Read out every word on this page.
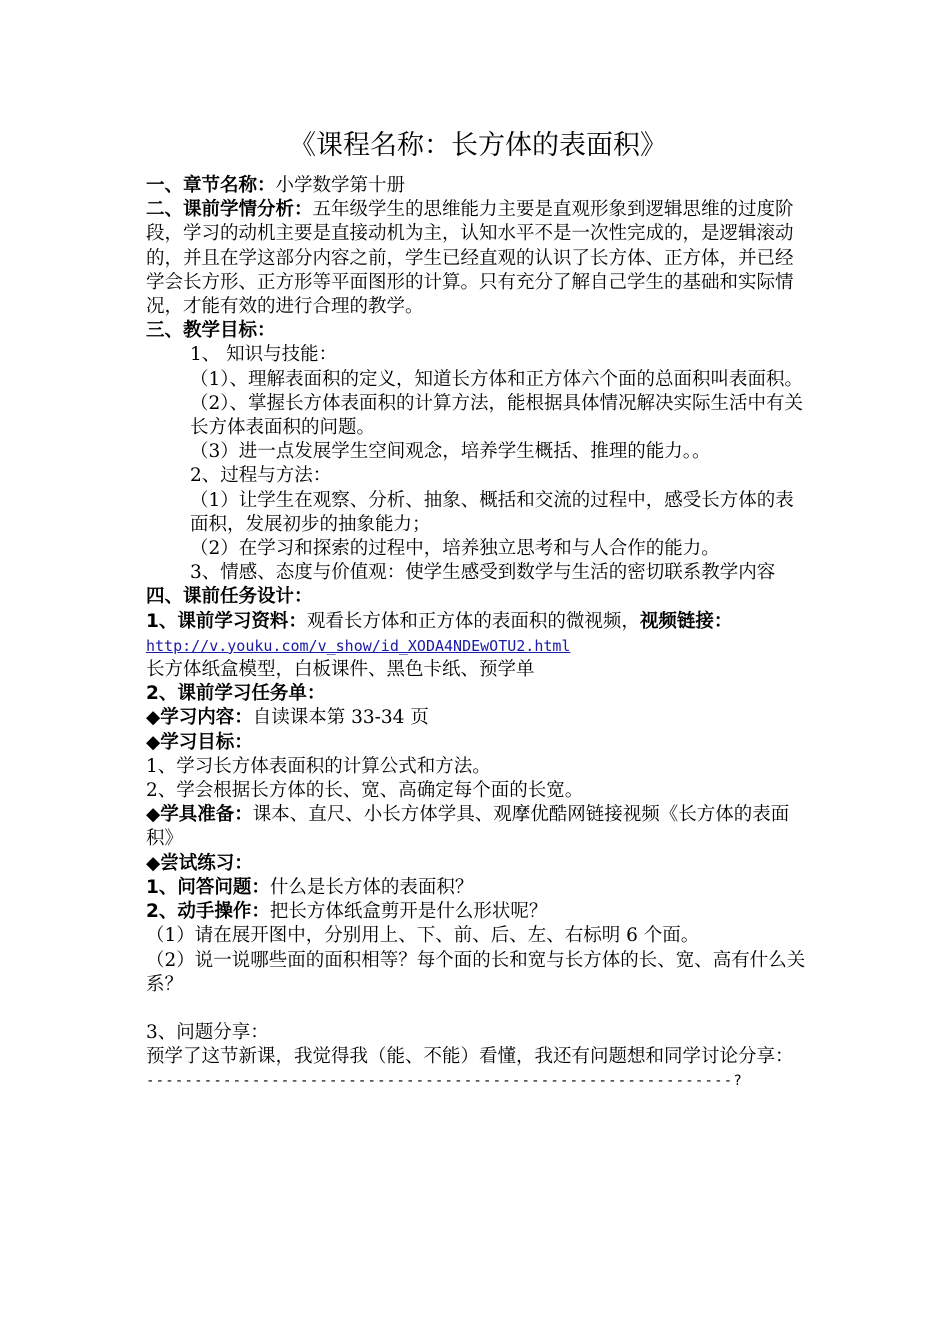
《课程名称：长方体的表面积》

一、章节名称：小学数学第十册

二、课前学情分析：五年级学生的思维能力主要是直观形象到逻辑思维的过度阶段，学习的动机主要是直接动机为主，认知水平不是一次性完成的，是逻辑滚动的，并且在学这部分内容之前，学生已经直观的认识了长方体、正方体，并已经学会长方形、正方形等平面图形的计算。只有充分了解自己学生的基础和实际情况，才能有效的进行合理的教学。

三、教学目标：

1、 知识与技能：

（1）、理解表面积的定义，知道长方体和正方体六个面的总面积叫表面积。

（2）、掌握长方体表面积的计算方法，能根据具体情况解决实际生活中有关长方体表面积的问题。

（3）进一点发展学生空间观念，培养学生概括、推理的能力。。

2、过程与方法：

（1）让学生在观察、分析、抽象、概括和交流的过程中，感受长方体的表面积，发展初步的抽象能力；

（2）在学习和探索的过程中，培养独立思考和与人合作的能力。

3、情感、态度与价值观：使学生感受到数学与生活的密切联系教学内容

四、课前任务设计：

1、课前学习资料：观看长方体和正方体的表面积的微视频，视频链接：

http://v.youku.com/v_show/id_XODA4NDEwOTU2.html

长方体纸盒模型，白板课件、黑色卡纸、预学单

2、课前学习任务单：

◆学习内容：自读课本第 33-34 页

◆学习目标：

1、学习长方体表面积的计算公式和方法。

2、学会根据长方体的长、宽、高确定每个面的长宽。

◆学具准备：课本、直尺、小长方体学具、观摩优酷网链接视频《长方体的表面积》

◆尝试练习：

1、问答问题：什么是长方体的表面积？

2、动手操作：把长方体纸盒剪开是什么形状呢？

（1）请在展开图中，分别用上、下、前、后、左、右标明 6 个面。

（2）说一说哪些面的面积相等？每个面的长和宽与长方体的长、宽、高有什么关系？

3、问题分享：

预学了这节新课，我觉得我（能、不能）看懂，我还有问题想和同学讨论分享：

-------------------------------------------------------------?
